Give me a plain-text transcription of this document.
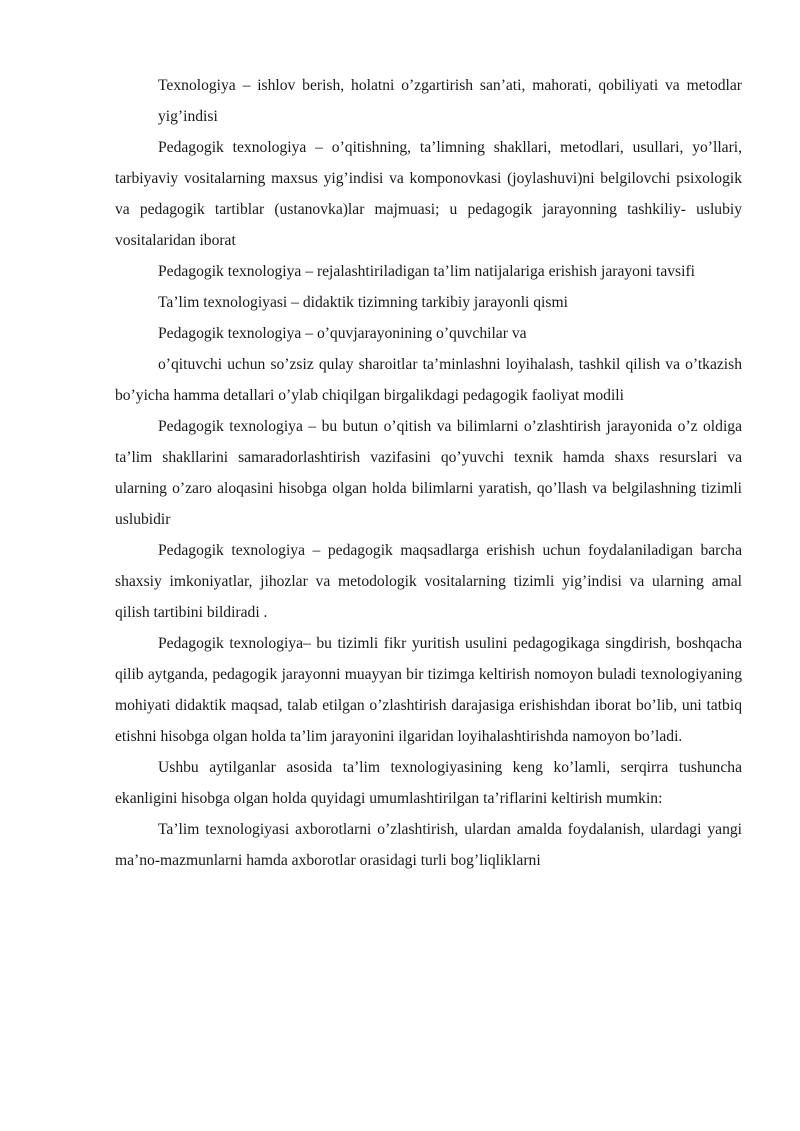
Texnologiya – ishlov berish, holatni o’zgartirish san’ati, mahorati, qobiliyati va metodlar yig’indisi

Pedagogik texnologiya – o’qitishning, ta’limning shakllari, metodlari, usullari, yo’llari, tarbiyaviy vositalarning maxsus yig’indisi va komponovkasi (joylashuvi)ni belgilovchi psixologik va pedagogik tartiblar (ustanovka)lar majmuasi; u pedagogik jarayonning tashkiliy- uslubiy vositalaridan iborat

Pedagogik texnologiya – rejalashtiriladigan ta’lim natijalariga erishish jarayoni tavsifi

Ta’lim texnologiyasi – didaktik tizimning tarkibiy jarayonli qismi

Pedagogik texnologiya – o’quvjarayonining o’quvchilar va

o’qituvchi uchun so’zsiz qulay sharoitlar ta’minlashni loyihalash, tashkil qilish va o’tkazish bo’yicha hamma detallari o’ylab chiqilgan birgalikdagi pedagogik faoliyat modili

Pedagogik texnologiya – bu butun o’qitish va bilimlarni o’zlashtirish jarayonida o’z oldiga ta’lim shakllarini samaradorlashtirish vazifasini qo’yuvchi texnik hamda shaxs resurslari va ularning o’zaro aloqasini hisobga olgan holda bilimlarni yaratish, qo’llash va belgilashning tizimli uslubidir

Pedagogik texnologiya – pedagogik maqsadlarga erishish uchun foydalaniladigan barcha shaxsiy imkoniyatlar, jihozlar va metodologik vositalarning tizimli yig’indisi va ularning amal qilish tartibini bildiradi .

Pedagogik texnologiya– bu tizimli fikr yuritish usulini pedagogikaga singdirish, boshqacha qilib aytganda, pedagogik jarayonni muayyan bir tizimga keltirish nomoyon buladi texnologiyaning mohiyati didaktik maqsad, talab etilgan o’zlashtirish darajasiga erishishdan iborat bo’lib, uni tatbiq etishni hisobga olgan holda ta’lim jarayonini ilgaridan loyihalashtirishda namoyon bo’ladi.

Ushbu aytilganlar asosida ta’lim texnologiyasining keng ko’lamli, serqirra tushuncha ekanligini hisobga olgan holda quyidagi umumlashtirilgan ta’riflarini keltirish mumkin:

Ta’lim texnologiyasi axborotlarni o’zlashtirish, ulardan amalda foydalanish, ulardagi yangi ma’no-mazmunlarni hamda axborotlar orasidagi turli bog’liqliklarni
